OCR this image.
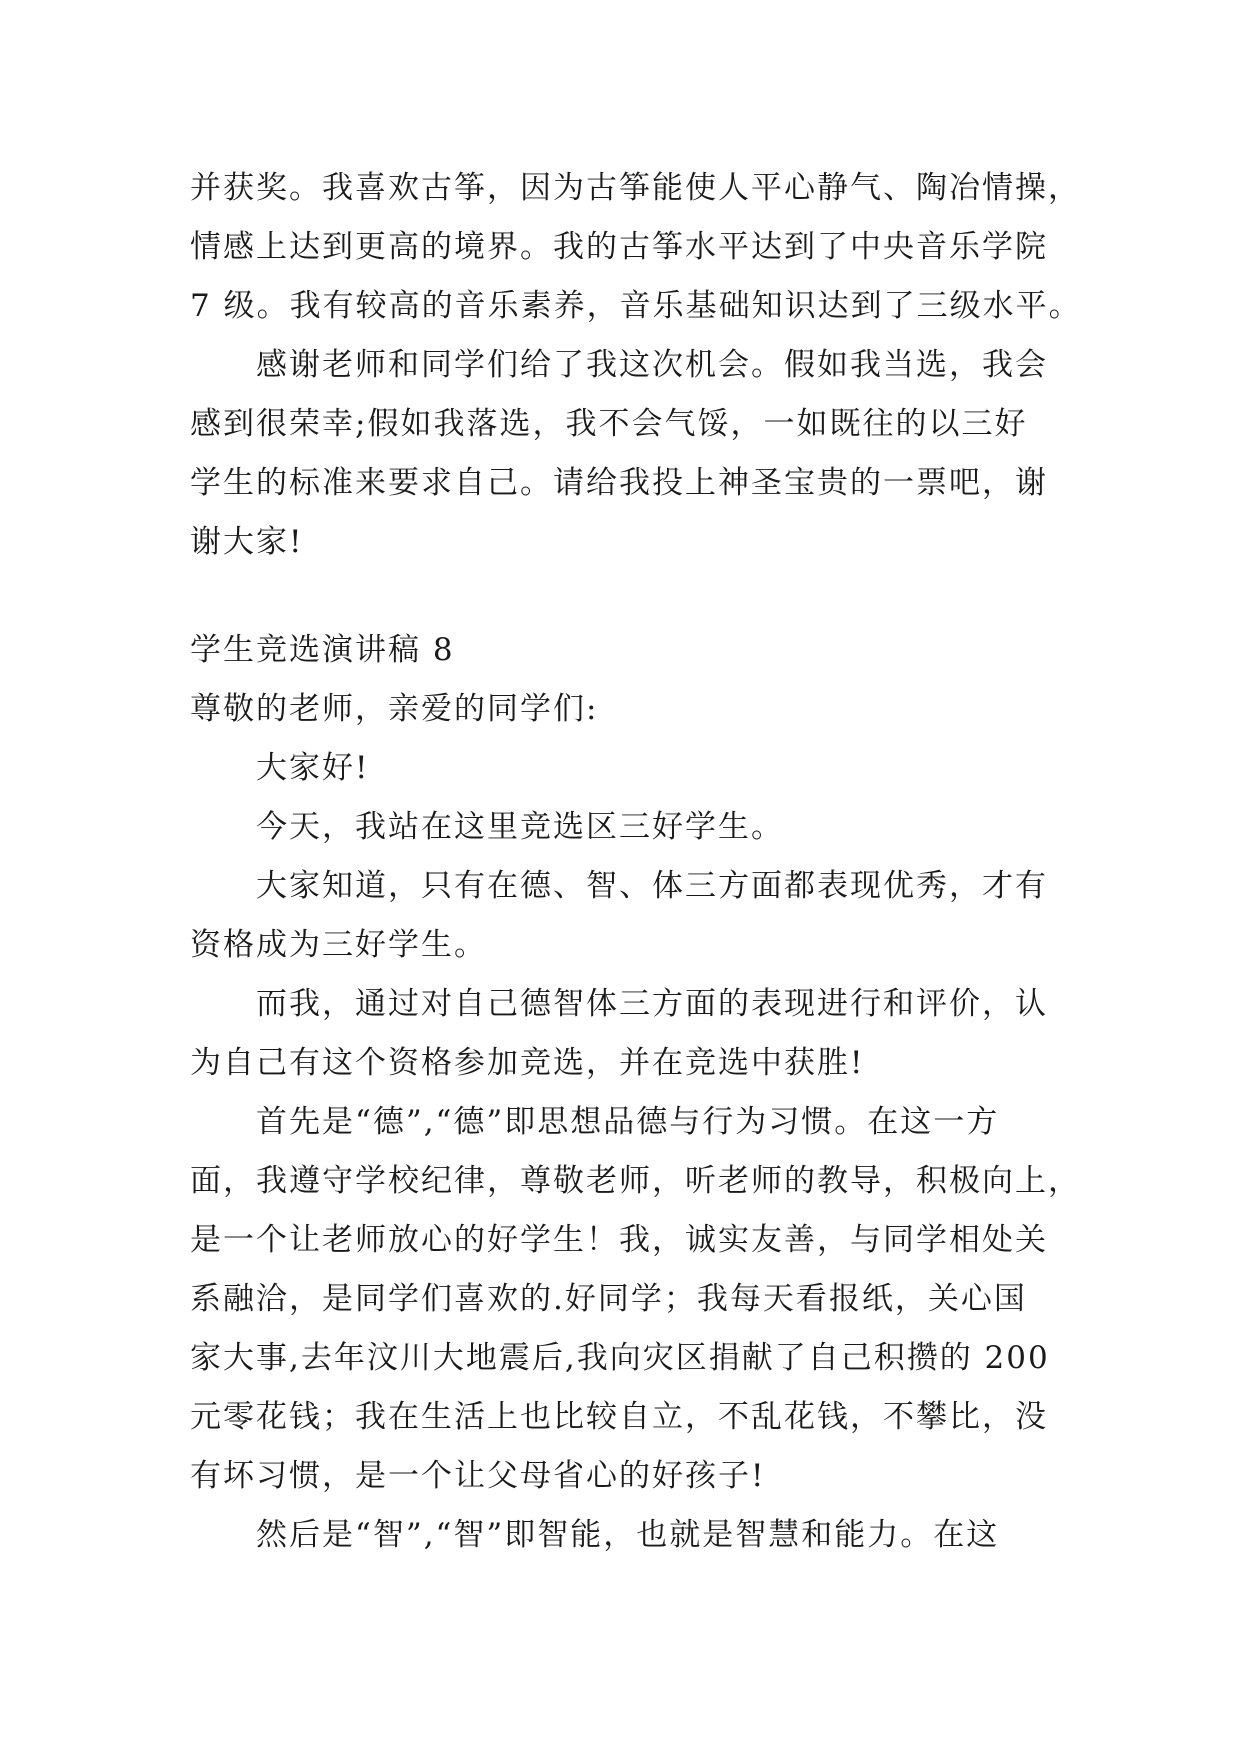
并获奖。我喜欢古筝，因为古筝能使人平心静气、陶冶情操，
情感上达到更高的境界。我的古筝水平达到了中央音乐学院
7 级。我有较高的音乐素养，音乐基础知识达到了三级水平。
感谢老师和同学们给了我这次机会。假如我当选，我会
感到很荣幸;假如我落选，我不会气馁，一如既往的以三好
学生的标准来要求自己。请给我投上神圣宝贵的一票吧，谢
谢大家!
学生竞选演讲稿 8
尊敬的老师，亲爱的同学们:
大家好!
今天，我站在这里竞选区三好学生。
大家知道，只有在德、智、体三方面都表现优秀，才有
资格成为三好学生。
而我，通过对自己德智体三方面的表现进行和评价，认
为自己有这个资格参加竞选，并在竞选中获胜!
首先是“德”,“德”即思想品德与行为习惯。在这一方
面，我遵守学校纪律，尊敬老师，听老师的教导，积极向上，
是一个让老师放心的好学生！我，诚实友善，与同学相处关
系融洽，是同学们喜欢的.好同学；我每天看报纸，关心国
家大事,去年汶川大地震后,我向灾区捐献了自己积攒的 200
元零花钱；我在生活上也比较自立，不乱花钱，不攀比，没
有坏习惯，是一个让父母省心的好孩子!
然后是“智”,“智”即智能，也就是智慧和能力。在这
